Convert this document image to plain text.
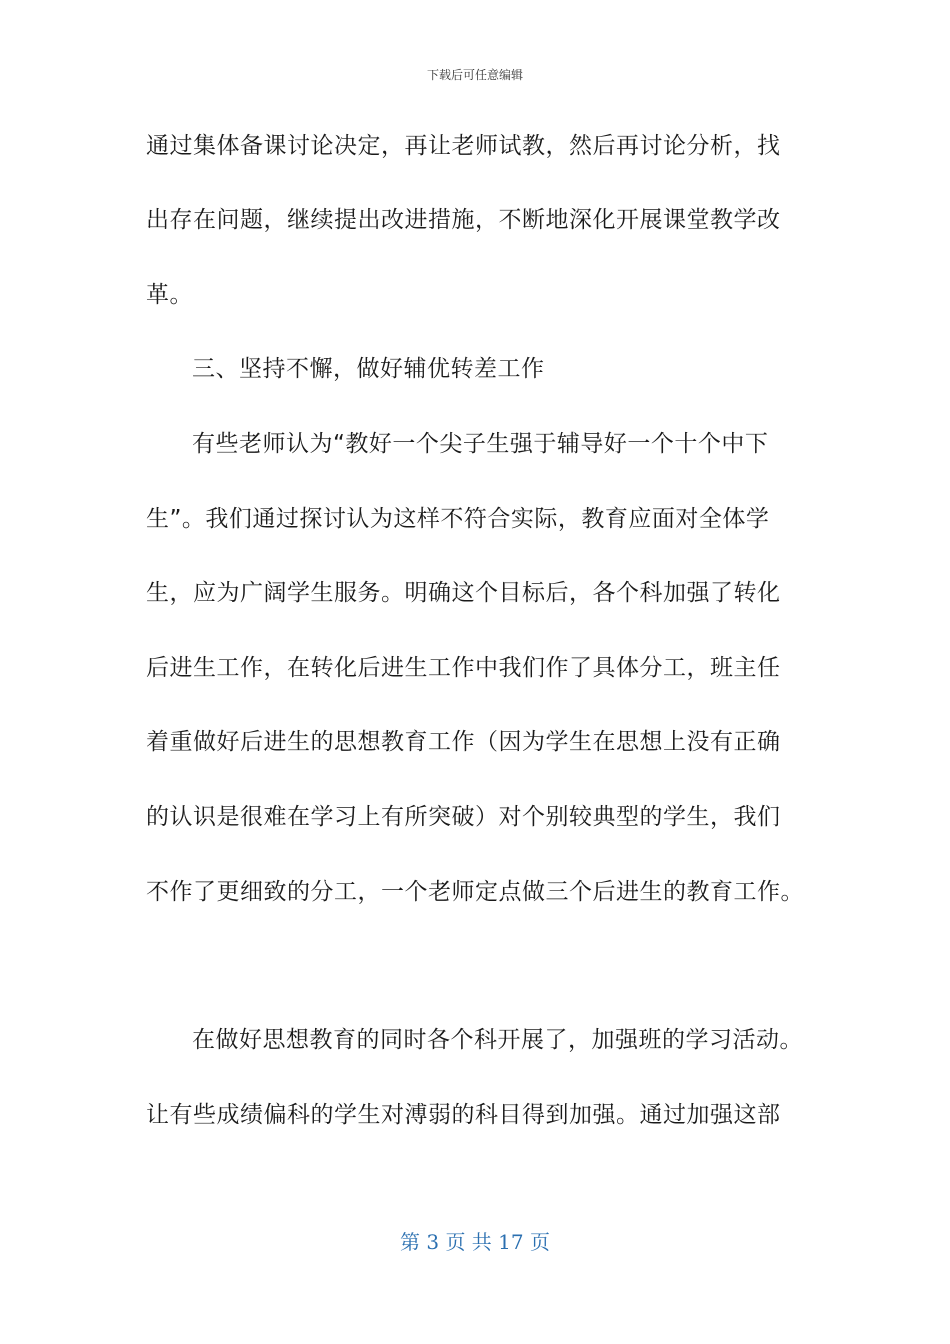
下载后可任意编辑
通过集体备课讨论决定，再让老师试教，然后再讨论分析，找
出存在问题，继续提出改进措施，不断地深化开展课堂教学改
革。
三、坚持不懈，做好辅优转差工作
有些老师认为“教好一个尖子生强于辅导好一个十个中下
生”。我们通过探讨认为这样不符合实际，教育应面对全体学
生，应为广阔学生服务。明确这个目标后，各个科加强了转化
后进生工作，在转化后进生工作中我们作了具体分工，班主任
着重做好后进生的思想教育工作（因为学生在思想上没有正确
的认识是很难在学习上有所突破）对个别较典型的学生，我们
不作了更细致的分工，一个老师定点做三个后进生的教育工作。
在做好思想教育的同时各个科开展了，加强班的学习活动。
让有些成绩偏科的学生对溥弱的科目得到加强。通过加强这部
第 3 页 共 17 页
